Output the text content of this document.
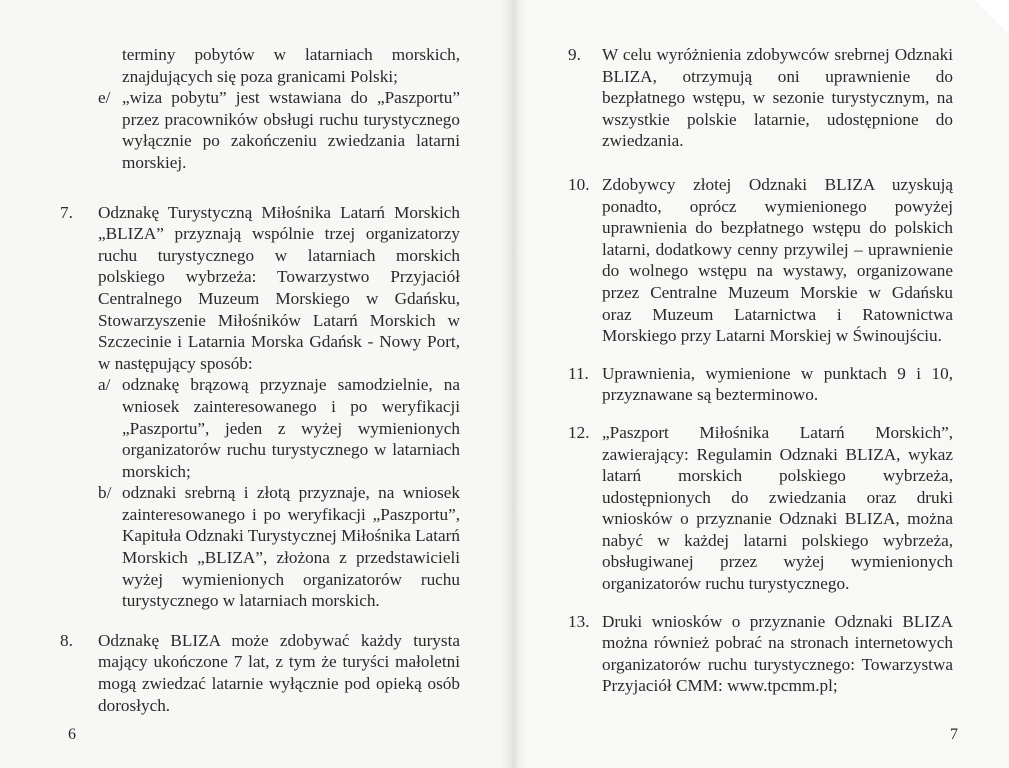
terminy pobytów w latarniach morskich, znajdujących się poza granicami Polski;
e/ „wiza pobytu” jest wstawiana do „Paszportu” przez pracowników obsługi ruchu turystycznego wyłącznie po zakończeniu zwiedzania latarni morskiej.
7. Odznakę Turystyczną Miłośnika Latarń Morskich „BLIZA” przyznają wspólnie trzej organizatorzy ruchu turystycznego w latarniach morskich polskiego wybrzeża: Towarzystwo Przyjaciół Centralnego Muzeum Morskiego w Gdańsku, Stowarzyszenie Miłośników Latarń Morskich w Szczecinie i Latarnia Morska Gdańsk - Nowy Port, w następujący sposób:
a/ odznakę brązową przyznaje samodzielnie, na wniosek zainteresowanego i po weryfikacji „Paszportu”, jeden z wyżej wymienionych organizatorów ruchu turystycznego w latarniach morskich;
b/ odznaki srebrną i złotą przyznaje, na wniosek zainteresowanego i po weryfikacji „Paszportu”, Kapituła Odznaki Turystycznej Miłośnika Latarń Morskich „BLIZA”, złożona z przedstawicieli wyżej wymienionych organizatorów ruchu turystycznego w latarniach morskich.
8. Odznakę BLIZA może zdobywać każdy turysta mający ukończone 7 lat, z tym że turyści małoletni mogą zwiedzać latarnie wyłącznie pod opieką osób dorosłych.
6
9. W celu wyróżnienia zdobywców srebrnej Odznaki BLIZA, otrzymują oni uprawnienie do bezpłatnego wstępu, w sezonie turystycznym, na wszystkie polskie latarnie, udostępnione do zwiedzania.
10. Zdobywcy złotej Odznaki BLIZA uzyskują ponadto, oprócz wymienionego powyżej uprawnienia do bezpłatnego wstępu do polskich latarni, dodatkowy cenny przywilej – uprawnienie do wolnego wstępu na wystawy, organizowane przez Centralne Muzeum Morskie w Gdańsku oraz Muzeum Latarnictwa i Ratownictwa Morskiego przy Latarni Morskiej w Świnoujściu.
11. Uprawnienia, wymienione w punktach 9 i 10, przyznawane są bezterminowo.
12. „Paszport Miłośnika Latarń Morskich”, zawierający: Regulamin Odznaki BLIZA, wykaz latarń morskich polskiego wybrzeża, udostępnionych do zwiedzania oraz druki wniosków o przyznanie Odznaki BLIZA, można nabyć w każdej latarni polskiego wybrzeża, obsługiwanej przez wyżej wymienionych organizatorów ruchu turystycznego.
13. Druki wniosków o przyznanie Odznaki BLIZA można również pobrać na stronach internetowych organizatorów ruchu turystycznego: Towarzystwa Przyjaciół CMM: www.tpcmm.pl;
7
